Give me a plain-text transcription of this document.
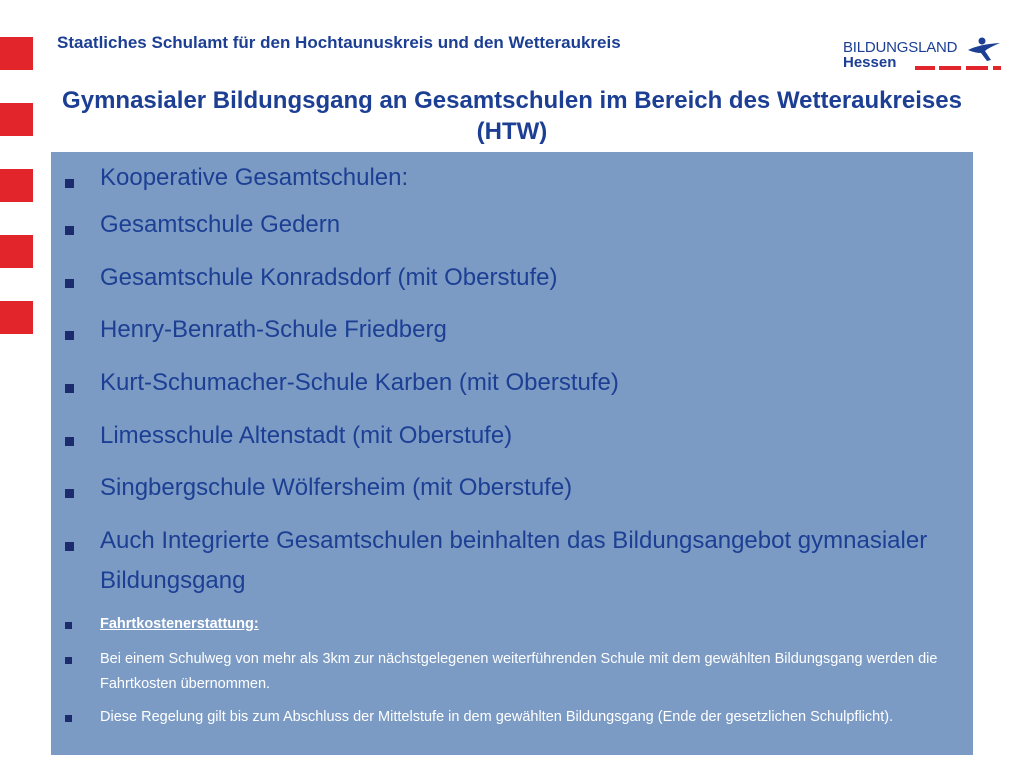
Staatliches Schulamt für den Hochtaunuskreis und den Wetteraukreis	BILDUNGSLAND
Hessen
Gymnasialer Bildungsgang an Gesamtschulen im Bereich des Wetteraukreises (HTW)
Kooperative Gesamtschulen:
Gesamtschule Gedern
Gesamtschule Konradsdorf (mit Oberstufe)
Henry-Benrath-Schule Friedberg
Kurt-Schumacher-Schule Karben (mit Oberstufe)
Limesschule Altenstadt (mit Oberstufe)
Singbergschule Wölfersheim (mit Oberstufe)
Auch Integrierte Gesamtschulen beinhalten das Bildungsangebot gymnasialer Bildungsgang
Fahrtkostenerstattung:
Bei einem Schulweg von mehr als 3km zur nächstgelegenen weiterführenden Schule mit dem gewählten Bildungsgang werden die Fahrtkosten übernommen.
Diese Regelung gilt bis zum Abschluss der Mittelstufe in dem gewählten Bildungsgang (Ende der gesetzlichen Schulpflicht).
